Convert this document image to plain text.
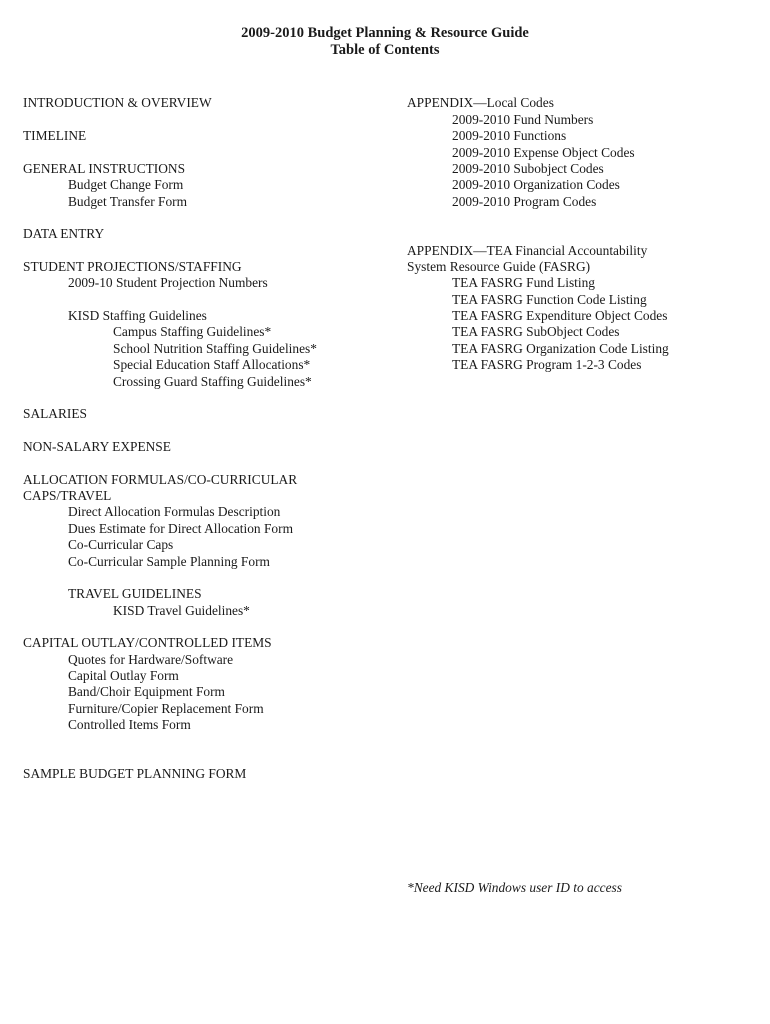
2009-2010 Budget Planning & Resource Guide
Table of Contents
INTRODUCTION & OVERVIEW
TIMELINE
GENERAL INSTRUCTIONS
Budget Change Form
Budget Transfer Form
DATA ENTRY
STUDENT PROJECTIONS/STAFFING
2009-10 Student Projection Numbers
KISD Staffing Guidelines
Campus Staffing Guidelines*
School Nutrition Staffing Guidelines*
Special Education Staff Allocations*
Crossing Guard Staffing Guidelines*
SALARIES
NON-SALARY EXPENSE
ALLOCATION FORMULAS/CO-CURRICULAR
CAPS/TRAVEL
Direct Allocation Formulas Description
Dues Estimate for Direct Allocation Form
Co-Curricular Caps
Co-Curricular Sample Planning Form
TRAVEL GUIDELINES
KISD Travel Guidelines*
CAPITAL OUTLAY/CONTROLLED ITEMS
Quotes for Hardware/Software
Capital Outlay Form
Band/Choir Equipment Form
Furniture/Copier Replacement Form
Controlled Items Form
SAMPLE BUDGET PLANNING FORM
APPENDIX—Local Codes
2009-2010 Fund Numbers
2009-2010 Functions
2009-2010 Expense Object Codes
2009-2010 Subobject Codes
2009-2010 Organization Codes
2009-2010 Program Codes
APPENDIX—TEA Financial Accountability
System Resource Guide (FASRG)
TEA FASRG Fund Listing
TEA FASRG Function Code Listing
TEA FASRG Expenditure Object Codes
TEA FASRG SubObject Codes
TEA FASRG Organization Code Listing
TEA FASRG Program 1-2-3 Codes
*Need KISD Windows user ID to access
